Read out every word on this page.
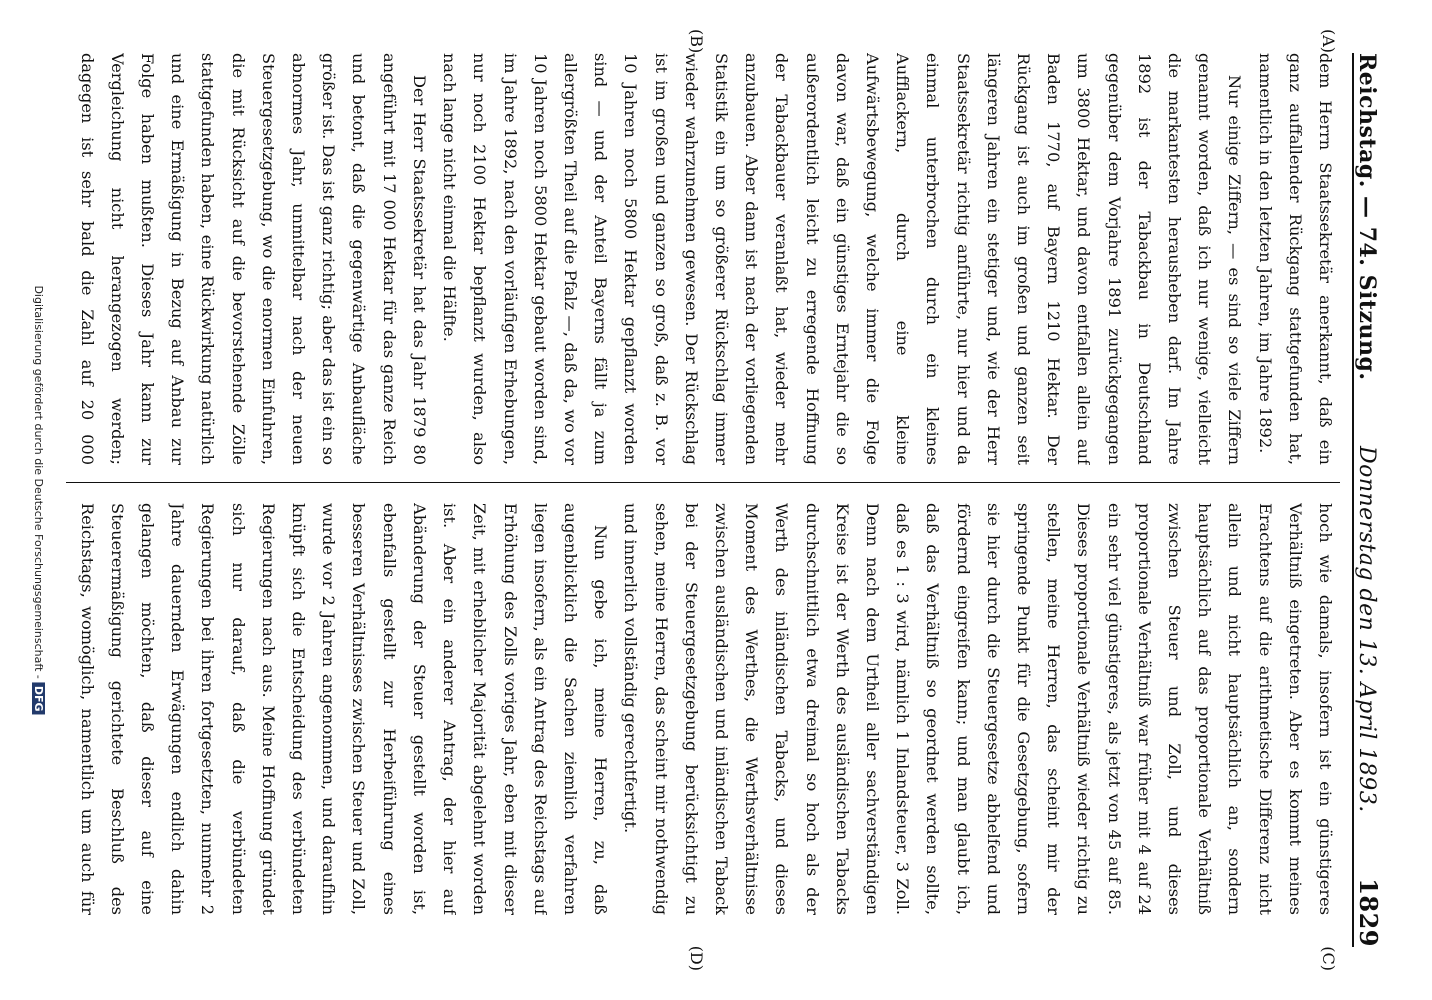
Reichstag. — 74. Sitzung.
Donnerstag den 13. April 1893.
1829
(A)
(B)
(C)
(D)

dem Herrn Staatssekretär anerkannt, daß ein ganz auffallender Rückgang stattgefunden hat, namentlich in den letzten Jahren, im Jahre 1892.

Nur einige Ziffern, — es sind so viele Ziffern genannt worden, daß ich nur wenige, vielleicht die markantesten herausheben darf. Im Jahre 1892 ist der Tabackbau in Deutschland gegenüber dem Vorjahre 1891 zurückgegangen um 3800 Hektar, und davon entfallen allein auf Baden 1770, auf Bayern 1210 Hektar. Der Rückgang ist auch im großen und ganzen seit längeren Jahren ein stetiger und, wie der Herr Staatssekretär richtig anführte, nur hier und da einmal unterbrochen durch ein kleines Aufflackern, durch eine kleine Aufwärtsbewegung, welche immer die Folge davon war, daß ein günstiges Erntejahr die so außerordentlich leicht zu erregende Hoffnung der Tabackbauer veranlaßt hat, wieder mehr anzubauen. Aber dann ist nach der vorliegenden Statistik ein um so größerer Rückschlag immer wieder wahrzunehmen gewesen. Der Rückschlag ist im großen und ganzen so groß, daß z. B. vor 10 Jahren noch 5800 Hektar gepflanzt worden sind — und der Anteil Bayerns fällt ja zum allergrößten Theil auf die Pfalz —, daß da, wo vor 10 Jahren noch 5800 Hektar gebaut worden sind, im Jahre 1892, nach den vorläufigen Erhebungen, nur noch 2100 Hektar bepflanzt wurden, also nach lange nicht einmal die Hälfte.

Der Herr Staatssekretär hat das Jahr 1879 80 angeführt mit 17 000 Hektar für das ganze Reich und betont, daß die gegenwärtige Anbaufläche größer ist. Das ist ganz richtig; aber das ist ein so abnormes Jahr, unmittelbar nach der neuen Steuergesetzgebung, wo die enormen Einfuhren, die mit Rücksicht auf die bevorstehende Zölle stattgefunden haben, eine Rückwirkung natürlich und eine Ermäßigung in Bezug auf Anbau zur Folge haben mußten. Dieses Jahr kann zur Vergleichung nicht herangezogen werden; dagegen ist sehr bald die Zahl auf 20 000

hoch wie damals, insofern ist ein günstigeres Verhältniß eingetreten. Aber es kommt meines Erachtens auf die arithmetische Differenz nicht allein und nicht hauptsächlich an, sondern hauptsächlich auf das proportionale Verhältniß zwischen Steuer und Zoll, und dieses proportionale Verhältniß war früher mit 4 auf 24 ein sehr viel günstigeres, als jetzt von 45 auf 85. Dieses proportionale Verhältniß wieder richtig zu stellen, meine Herren, das scheint mir der springende Punkt für die Gesetzgebung, sofern sie hier durch die Steuergesetze abhelfend und fördernd eingreifen kann; und man glaubt ich, daß das Verhältniß so geordnet werden sollte, daß es 1 : 3 wird, nämlich 1 Inlandsteuer, 3 Zoll. Denn nach dem Urtheil aller sachverständigen Kreise ist der Werth des ausländischen Tabacks durchschnittlich etwa dreimal so hoch als der Werth des inländischen Tabacks, und dieses Moment des Werthes, die Werthsverhältnisse zwischen ausländischen und inländischen Taback bei der Steuergesetzgebung berücksichtigt zu sehen, meine Herren, das scheint mir nothwendig und innerlich vollständig gerechtfertigt.

Nun gebe ich, meine Herren, zu, daß augenblicklich die Sachen ziemlich verfahren liegen insofern, als ein Antrag des Reichstags auf Erhöhung des Zolls voriges Jahr, eben mit dieser Zeit, mit erheblicher Majorität abgelehnt worden ist. Aber ein anderer Antrag, der hier auf Abänderung der Steuer gestellt worden ist, ebenfalls gestellt zur Herbeiführung eines besseren Verhältnisses zwischen Steuer und Zoll, wurde vor 2 Jahren angenommen, und daraufhin knüpft sich die Entscheidung des verbündeten Regierungen nach aus. Meine Hoffnung gründet sich nur darauf, daß die verbündeten Regierungen bei ihren fortgesetzten, nunmehr 2 Jahre dauernden Erwägungen endlich dahin gelangen möchten, daß dieser auf eine Steuerermäßigung gerichtete Beschluß des Reichstags, womöglich, namentlich um auch für

Digitalisierung gefördert durch die Deutsche Forschungsgemeinschaft -DFG
